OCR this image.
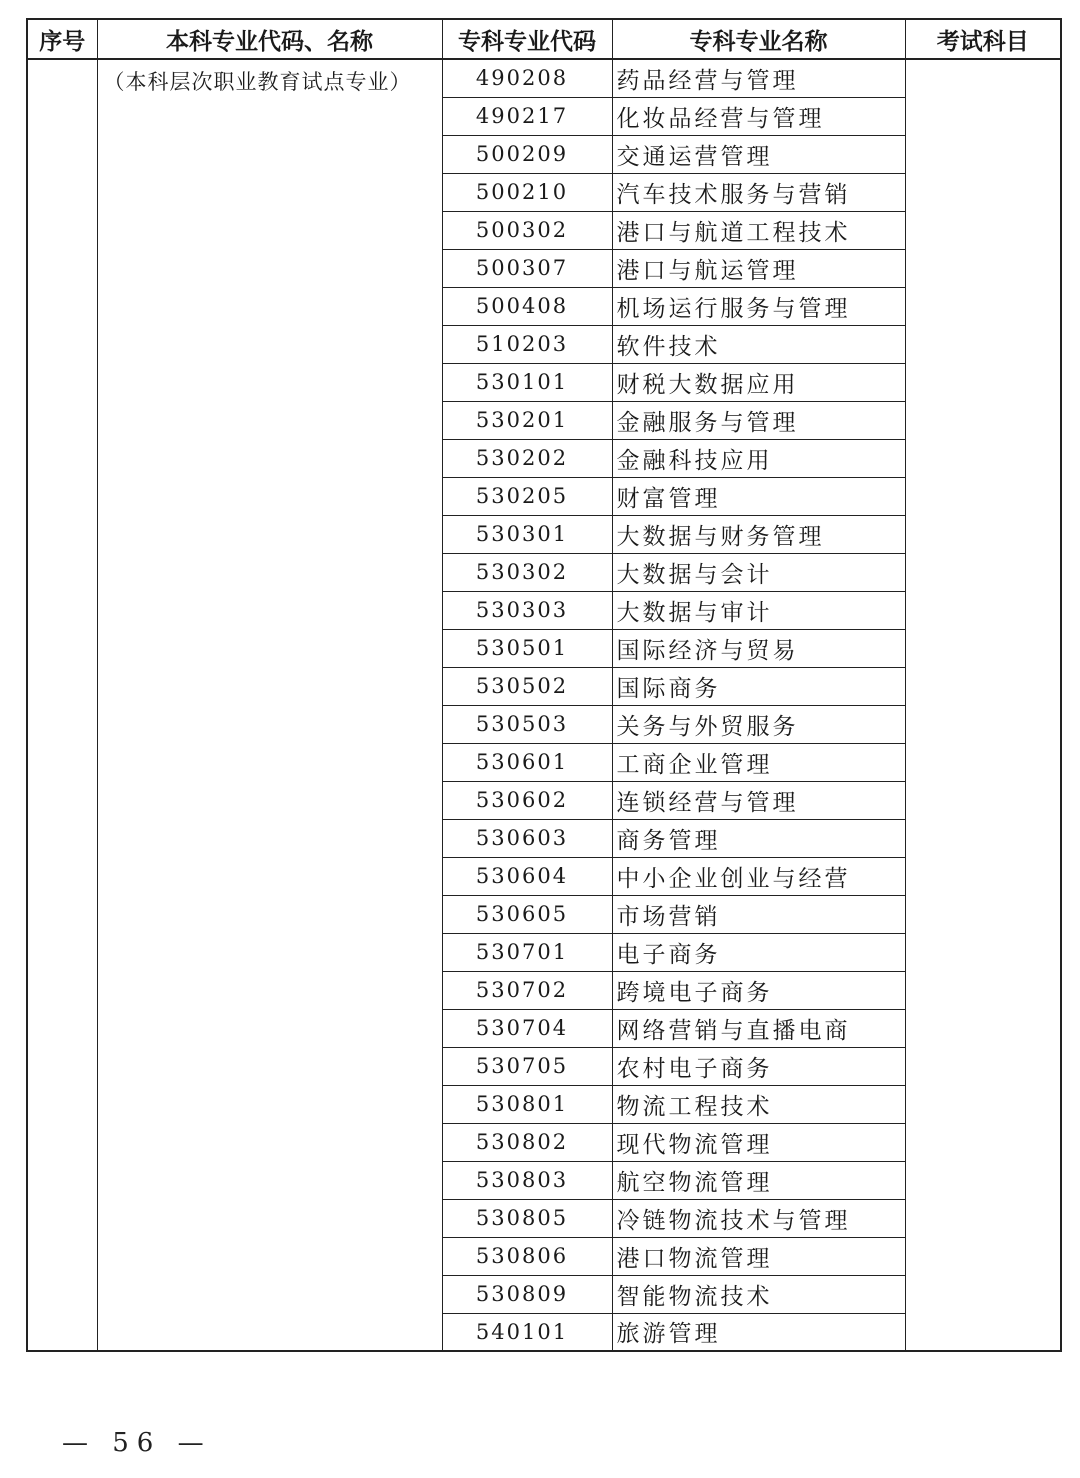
序号	本科专业代码、名称	专科专业代码	专科专业名称	考试科目
	（本科层次职业教育试点专业）	490208	药品经营与管理	
		490217	化妆品经营与管理	
		500209	交通运营管理	
		500210	汽车技术服务与营销	
		500302	港口与航道工程技术	
		500307	港口与航运管理	
		500408	机场运行服务与管理	
		510203	软件技术	
		530101	财税大数据应用	
		530201	金融服务与管理	
		530202	金融科技应用	
		530205	财富管理	
		530301	大数据与财务管理	
		530302	大数据与会计	
		530303	大数据与审计	
		530501	国际经济与贸易	
		530502	国际商务	
		530503	关务与外贸服务	
		530601	工商企业管理	
		530602	连锁经营与管理	
		530603	商务管理	
		530604	中小企业创业与经营	
		530605	市场营销	
		530701	电子商务	
		530702	跨境电子商务	
		530704	网络营销与直播电商	
		530705	农村电子商务	
		530801	物流工程技术	
		530802	现代物流管理	
		530803	航空物流管理	
		530805	冷链物流技术与管理	
		530806	港口物流管理	
		530809	智能物流技术	
		540101	旅游管理	
— 56 —
